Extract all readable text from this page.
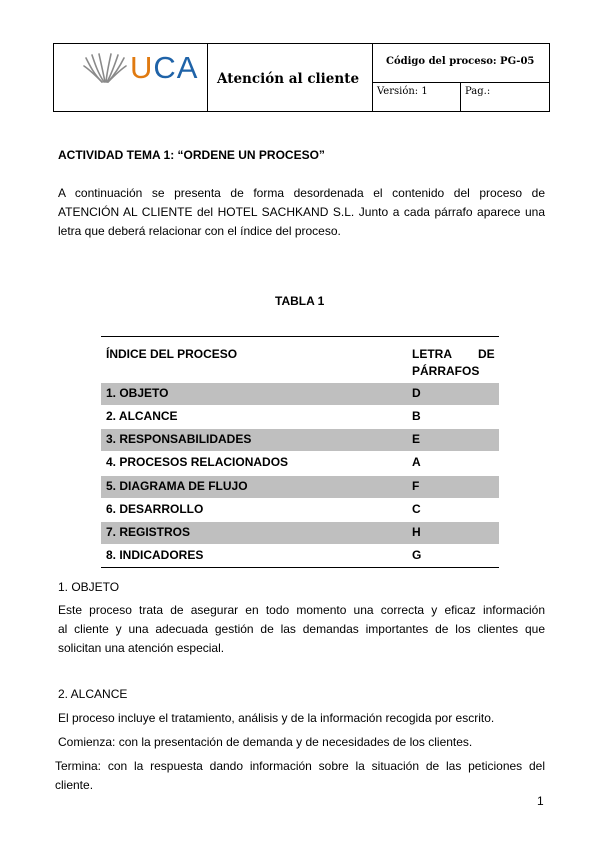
UCA Atención al cliente
Código del proceso: PG-05
Versión: 1	Pag.:
ACTIVIDAD TEMA 1: “ORDENE UN PROCESO”
A continuación se presenta de forma desordenada el contenido del proceso de
ATENCIÓN AL CLIENTE del HOTEL SACHKAND S.L. Junto a cada párrafo aparece una
letra que deberá relacionar con el índice del proceso.
TABLA 1
ÍNDICE DEL PROCESO	LETRA DE
PÁRRAFOS
1. OBJETO	D
2. ALCANCE	B
3. RESPONSABILIDADES	E
4. PROCESOS RELACIONADOS	A
5. DIAGRAMA DE FLUJO	F
6. DESARROLLO	C
7. REGISTROS	H
8. INDICADORES	G
1. OBJETO
Este proceso trata de asegurar en todo momento una correcta y eficaz información
al cliente y una adecuada gestión de las demandas importantes de los clientes que
solicitan una atención especial.
2. ALCANCE
El proceso incluye el tratamiento, análisis y de la información recogida por escrito.
Comienza: con la presentación de demanda y de necesidades de los clientes.
Termina: con la respuesta dando información sobre la situación de las peticiones del
cliente.
1
